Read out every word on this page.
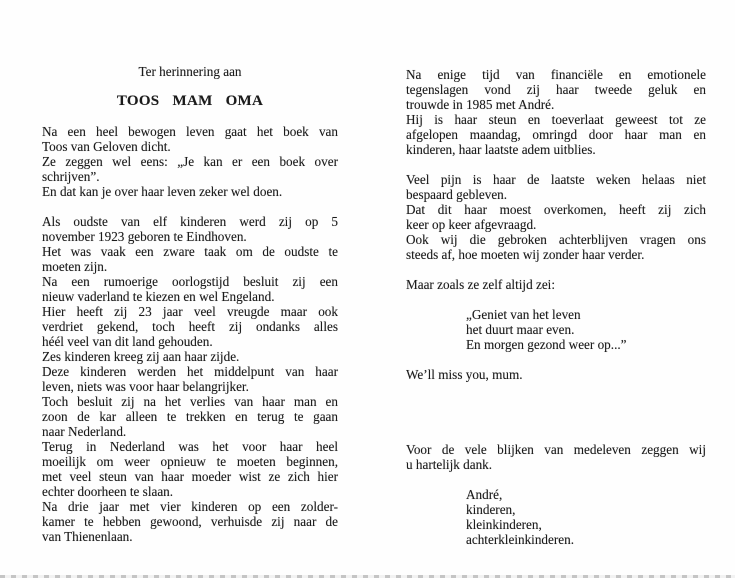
Ter herinnering aan
TOOS MAM OMA
Na een heel bewogen leven gaat het boek van
Toos van Geloven dicht.
Ze zeggen wel eens: „Je kan er een boek over
schrijven”.
En dat kan je over haar leven zeker wel doen.
Als oudste van elf kinderen werd zij op 5
november 1923 geboren te Eindhoven.
Het was vaak een zware taak om de oudste te
moeten zijn.
Na een rumoerige oorlogstijd besluit zij een
nieuw vaderland te kiezen en wel Engeland.
Hier heeft zij 23 jaar veel vreugde maar ook
verdriet gekend, toch heeft zij ondanks alles
héél veel van dit land gehouden.
Zes kinderen kreeg zij aan haar zijde.
Deze kinderen werden het middelpunt van haar
leven, niets was voor haar belangrijker.
Toch besluit zij na het verlies van haar man en
zoon de kar alleen te trekken en terug te gaan
naar Nederland.
Terug in Nederland was het voor haar heel
moeilijk om weer opnieuw te moeten beginnen,
met veel steun van haar moeder wist ze zich hier
echter doorheen te slaan.
Na drie jaar met vier kinderen op een zolder-
kamer te hebben gewoond, verhuisde zij naar de
van Thienenlaan.
Na enige tijd van financiële en emotionele
tegenslagen vond zij haar tweede geluk en
trouwde in 1985 met André.
Hij is haar steun en toeverlaat geweest tot ze
afgelopen maandag, omringd door haar man en
kinderen, haar laatste adem uitblies.
Veel pijn is haar de laatste weken helaas niet
bespaard gebleven.
Dat dit haar moest overkomen, heeft zij zich
keer op keer afgevraagd.
Ook wij die gebroken achterblijven vragen ons
steeds af, hoe moeten wij zonder haar verder.
Maar zoals ze zelf altijd zei:
„Geniet van het leven
het duurt maar even.
En morgen gezond weer op...”
We’ll miss you, mum.
Voor de vele blijken van medeleven zeggen wij
u hartelijk dank.
André,
kinderen,
kleinkinderen,
achterkleinkinderen.
